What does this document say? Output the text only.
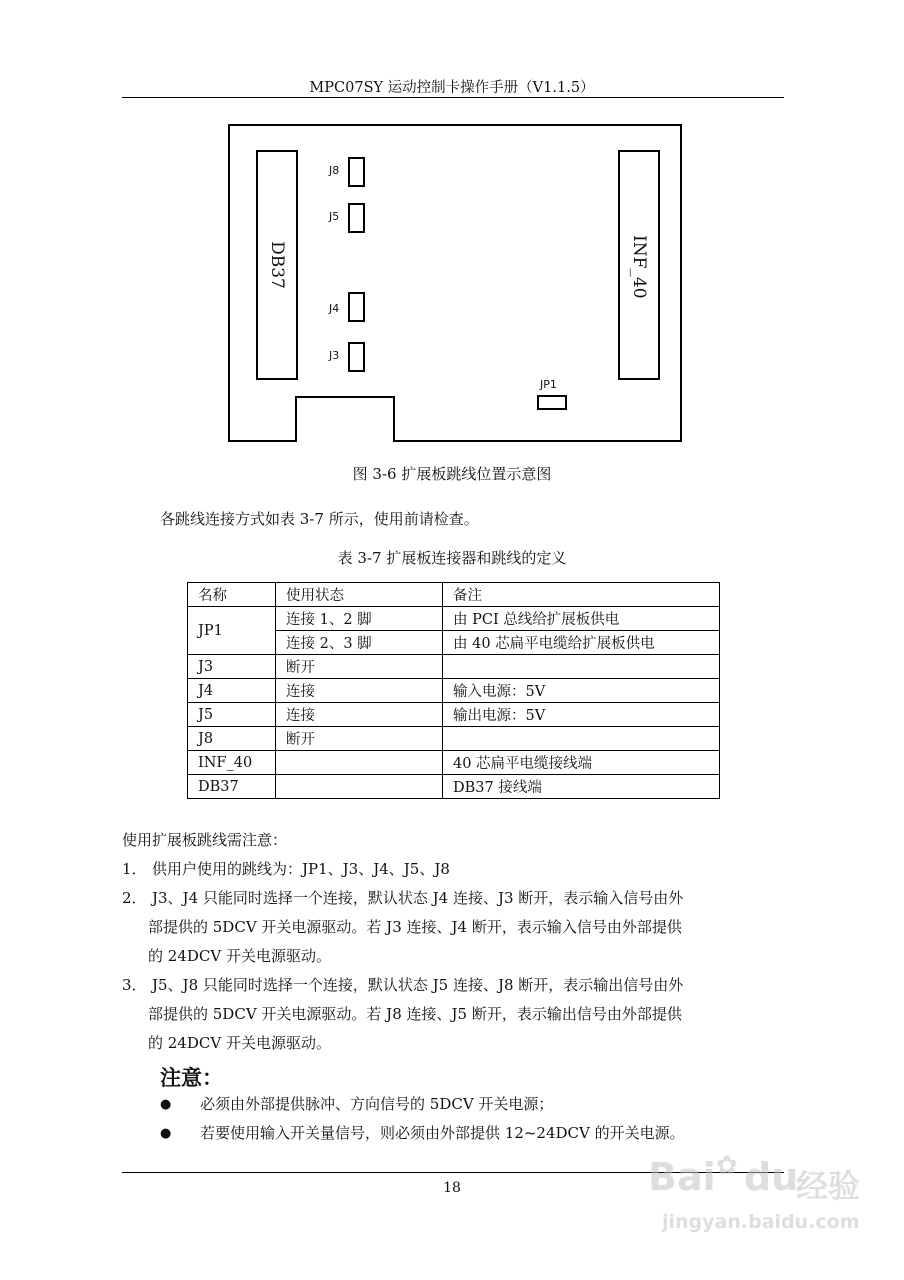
MPC07SY 运动控制卡操作手册（V1.1.5）
DB37	INF_40
J8
J5
J4
J3
JP1
图 3-6 扩展板跳线位置示意图
各跳线连接方式如表 3-7 所示，使用前请检查。
表 3-7 扩展板连接器和跳线的定义
名称	使用状态	备注
JP1	连接 1、2 脚	由 PCI 总线给扩展板供电
	连接 2、3 脚	由 40 芯扁平电缆给扩展板供电
J3	断开	
J4	连接	输入电源：5V
J5	连接	输出电源：5V
J8	断开	
INF_40		40 芯扁平电缆接线端
DB37		DB37 接线端
使用扩展板跳线需注意：
1． 供用户使用的跳线为：JP1、J3、J4、J5、J8
2． J3、J4 只能同时选择一个连接，默认状态 J4 连接、J3 断开，表示输入信号由外
部提供的 5DCV 开关电源驱动。若 J3 连接、J4 断开，表示输入信号由外部提供
的 24DCV 开关电源驱动。
3． J5、J8 只能同时选择一个连接，默认状态 J5 连接、J8 断开，表示输出信号由外
部提供的 5DCV 开关电源驱动。若 J8 连接、J5 断开，表示输出信号由外部提供
的 24DCV 开关电源驱动。
注意：
●	必须由外部提供脉冲、方向信号的 5DCV 开关电源；
●	若要使用输入开关量信号，则必须由外部提供 12~24DCV 的开关电源。
18	Bai ✿ du
经验
jingyan.baidu.com
